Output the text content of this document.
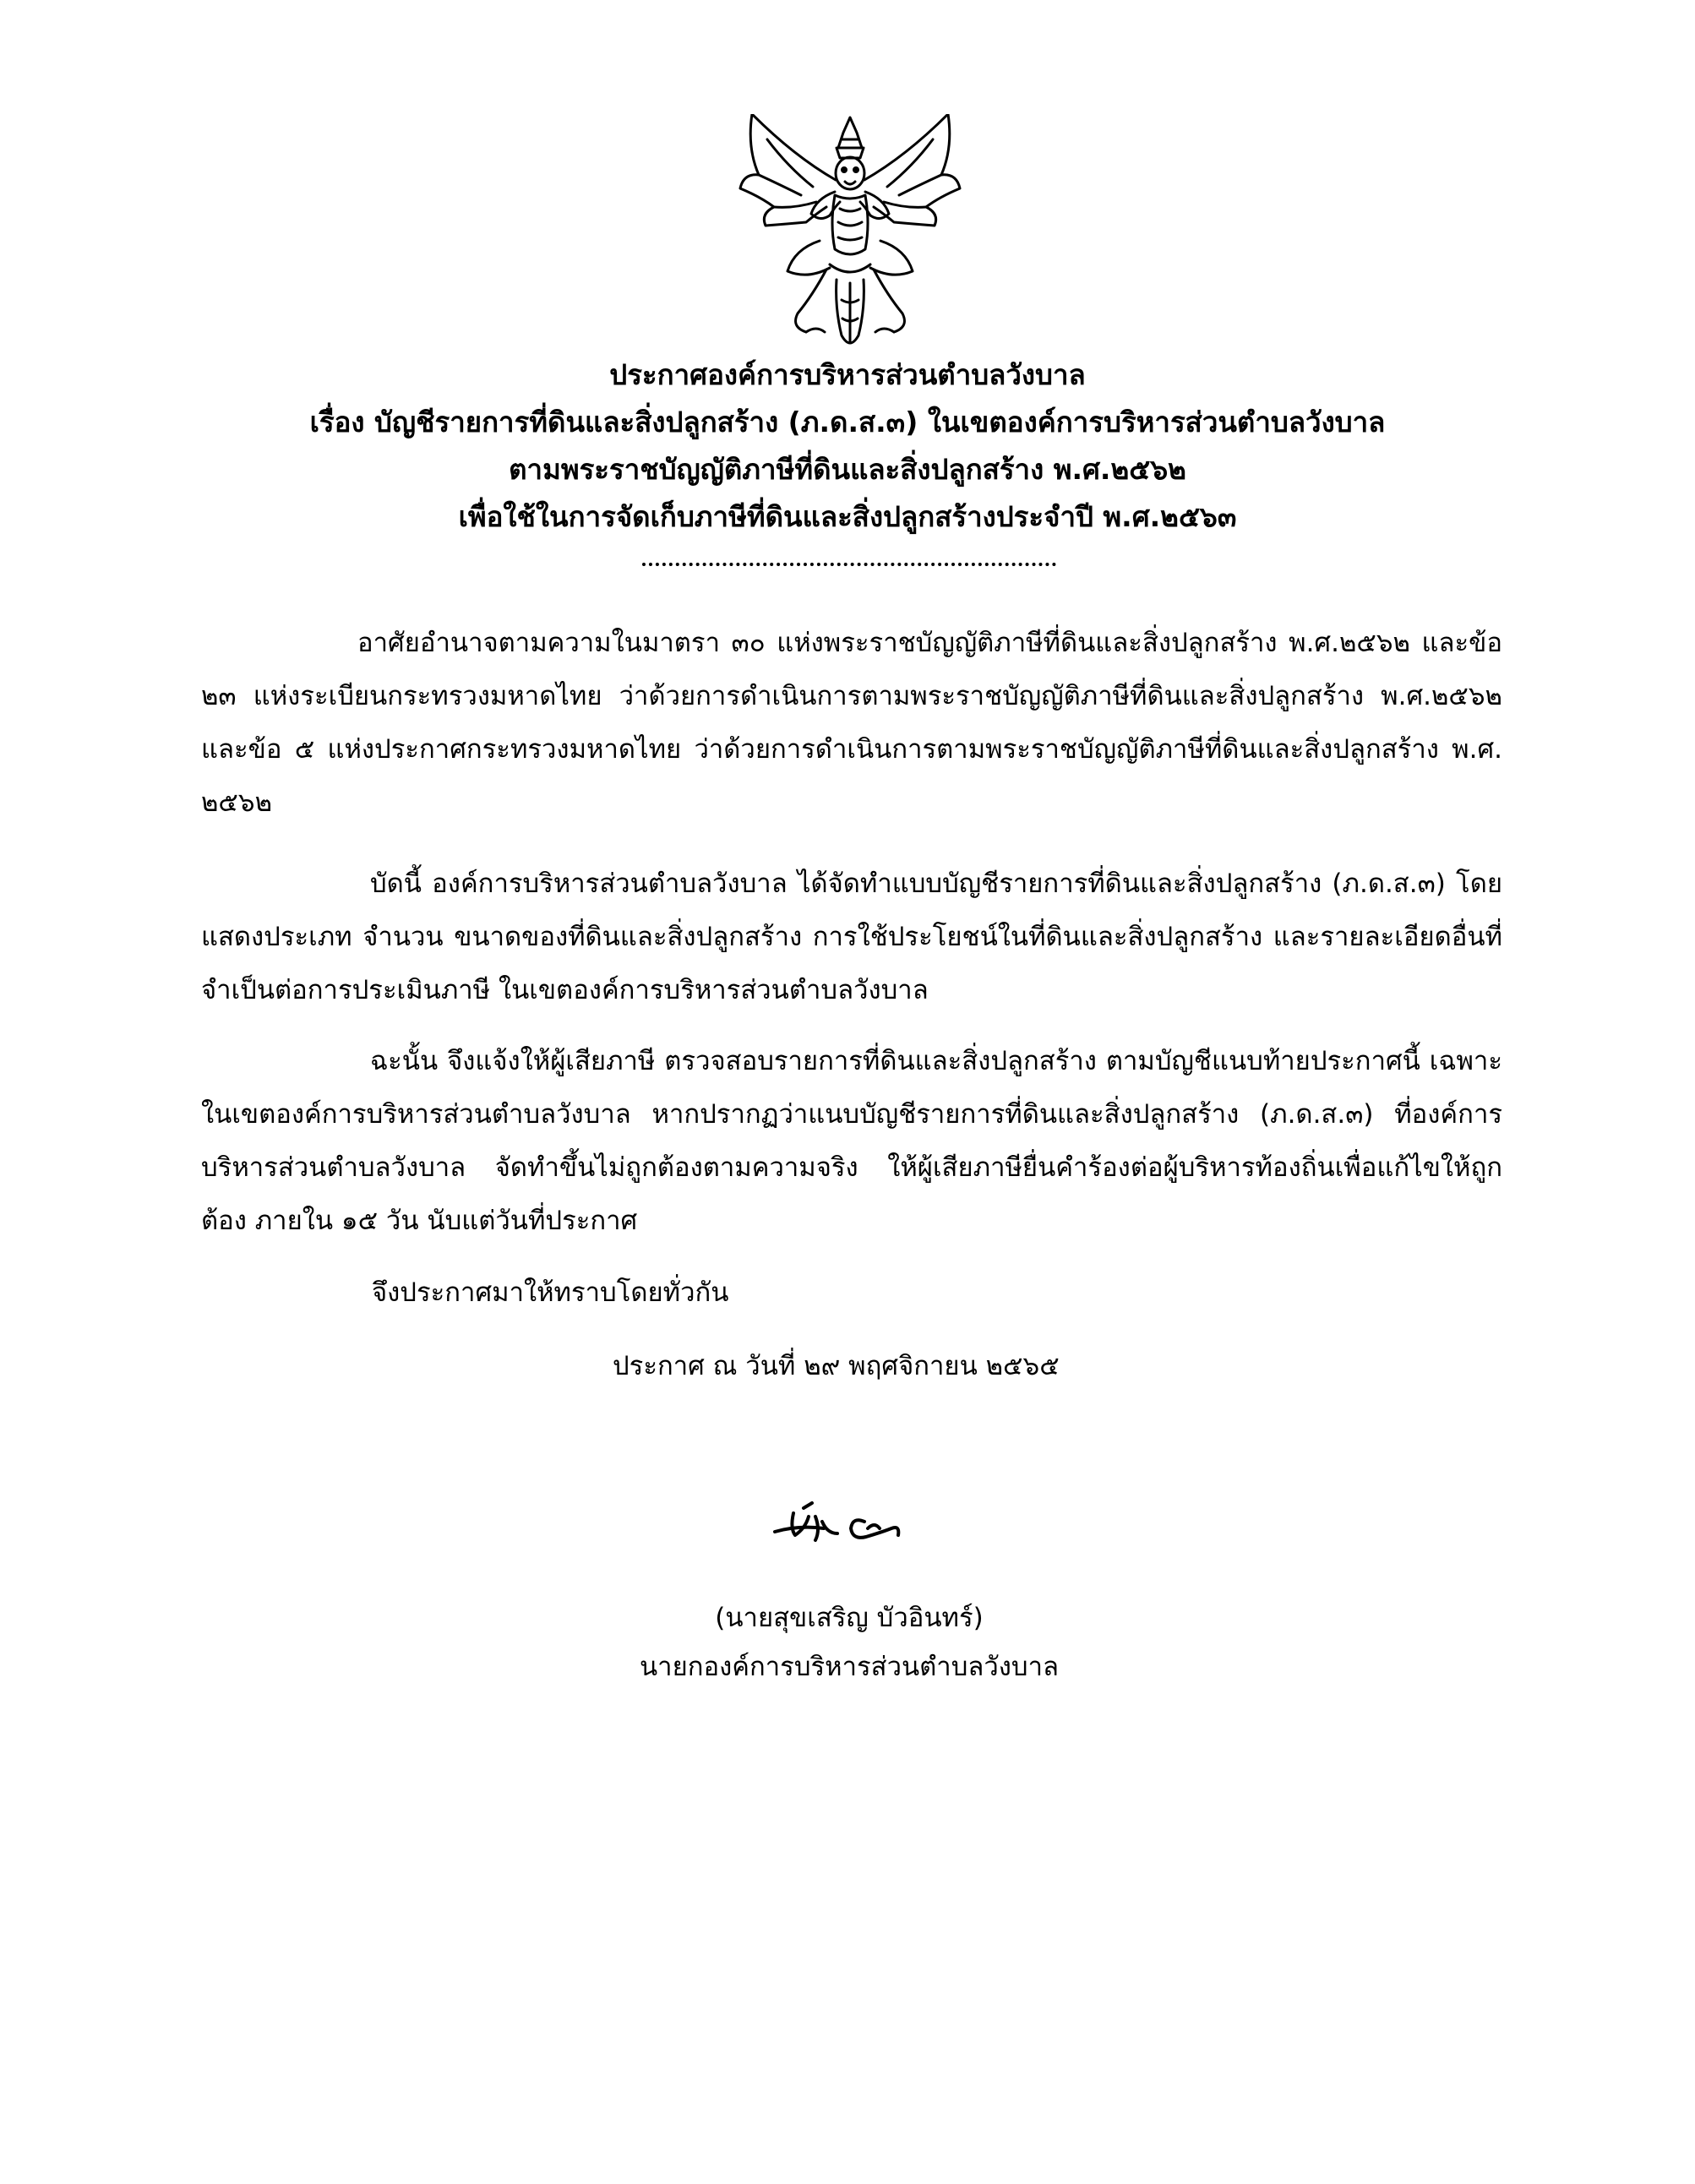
ประกาศองค์การบริหารส่วนตำบลวังบาล
เรื่อง บัญชีรายการที่ดินและสิ่งปลูกสร้าง (ภ.ด.ส.๓) ในเขตองค์การบริหารส่วนตำบลวังบาล
ตามพระราชบัญญัติภาษีที่ดินและสิ่งปลูกสร้าง พ.ศ.๒๕๖๒
เพื่อใช้ในการจัดเก็บภาษีที่ดินและสิ่งปลูกสร้างประจำปี พ.ศ.๒๕๖๓
อาศัยอำนาจตามความในมาตรา ๓๐ แห่งพระราชบัญญัติภาษีที่ดินและสิ่งปลูกสร้าง พ.ศ.๒๕๖๒ และข้อ ๒๓ แห่งระเบียนกระทรวงมหาดไทย ว่าด้วยการดำเนินการตามพระราชบัญญัติภาษีที่ดินและสิ่งปลูกสร้าง พ.ศ.๒๕๖๒ และข้อ ๕ แห่งประกาศกระทรวงมหาดไทย ว่าด้วยการดำเนินการตามพระราชบัญญัติภาษีที่ดินและสิ่งปลูกสร้าง พ.ศ. ๒๕๖๒
บัดนี้ องค์การบริหารส่วนตำบลวังบาล ได้จัดทำแบบบัญชีรายการที่ดินและสิ่งปลูกสร้าง (ภ.ด.ส.๓) โดยแสดงประเภท จำนวน ขนาดของที่ดินและสิ่งปลูกสร้าง การใช้ประโยชน์ในที่ดินและสิ่งปลูกสร้าง และรายละเอียดอื่นที่จำเป็นต่อการประเมินภาษี ในเขตองค์การบริหารส่วนตำบลวังบาล
ฉะนั้น จึงแจ้งให้ผู้เสียภาษี ตรวจสอบรายการที่ดินและสิ่งปลูกสร้าง ตามบัญชีแนบท้ายประกาศนี้ เฉพาะในเขตองค์การบริหารส่วนตำบลวังบาล หากปรากฏว่าแนบบัญชีรายการที่ดินและสิ่งปลูกสร้าง (ภ.ด.ส.๓) ที่องค์การบริหารส่วนตำบลวังบาล จัดทำขึ้นไม่ถูกต้องตามความจริง ให้ผู้เสียภาษียื่นคำร้องต่อผู้บริหารท้องถิ่นเพื่อแก้ไขให้ถูกต้อง ภายใน ๑๕ วัน นับแต่วันที่ประกาศ
จึงประกาศมาให้ทราบโดยทั่วกัน
ประกาศ ณ วันที่ ๒๙ พฤศจิกายน ๒๕๖๕
(นายสุขเสริญ บัวอินทร์)
นายกองค์การบริหารส่วนตำบลวังบาล
